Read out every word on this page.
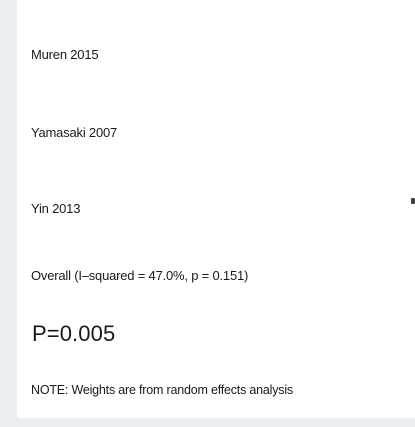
Muren 2015
Yamasaki 2007
Yin 2013
Overall (I–squared = 47.0%, p = 0.151)
P=0.005
NOTE: Weights are from random effects analysis
